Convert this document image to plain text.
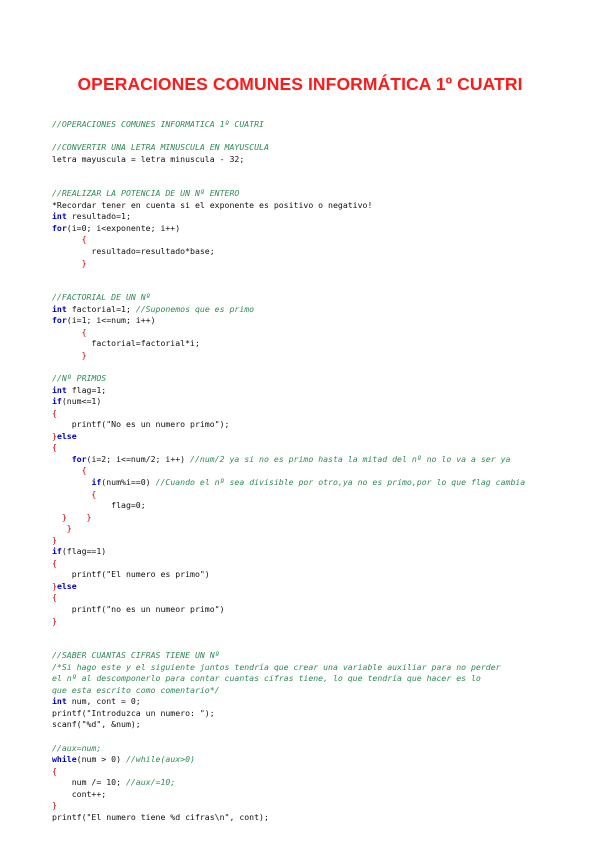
OPERACIONES COMUNES INFORMÁTICA 1º CUATRI
//OPERACIONES COMUNES INFORMATICA 1º CUATRI
//CONVERTIR UNA LETRA MINUSCULA EN MAYUSCULA
letra mayuscula = letra minuscula - 32;
//REALIZAR LA POTENCIA DE UN Nº ENTERO
*Recordar tener en cuenta si el exponente es positivo o negativo!
int resultado=1;
for(i=0; i<exponente; i++)
{
resultado=resultado*base;
}
//FACTORIAL DE UN Nº
int factorial=1; //Suponemos que es primo
for(i=1; i<=num; i++)
{
factorial=factorial*i;
}
//Nº PRIMOS
int flag=1;
if(num<=1)
{
printf("No es un numero primo");
}else
{
for(i=2; i<=num/2; i++) //num/2 ya si no es primo hasta la mitad del nº no lo va a ser ya
{
if(num%i==0) //Cuando el nº sea divisible por otro,ya no es primo,por lo que flag cambia
{
flag=0;
}    }
}
}
if(flag==1)
{
printf("El numero es primo")
}else
{
printf("no es un numeor primo")
}
//SABER CUANTAS CIFRAS TIENE UN Nº
/*Si hago este y el siguiente juntos tendría que crear una variable auxiliar para no perder
el nº al descomponerlo para contar cuantas cifras tiene, lo que tendría que hacer es lo
que esta escrito como comentario*/
int num, cont = 0;
printf("Introduzca un numero: ");
scanf("%d", &num);
//aux=num;
while(num > 0) //while(aux>0)
{
num /= 10; //aux/=10;
cont++;
}
printf("El numero tiene %d cifras\n", cont);
